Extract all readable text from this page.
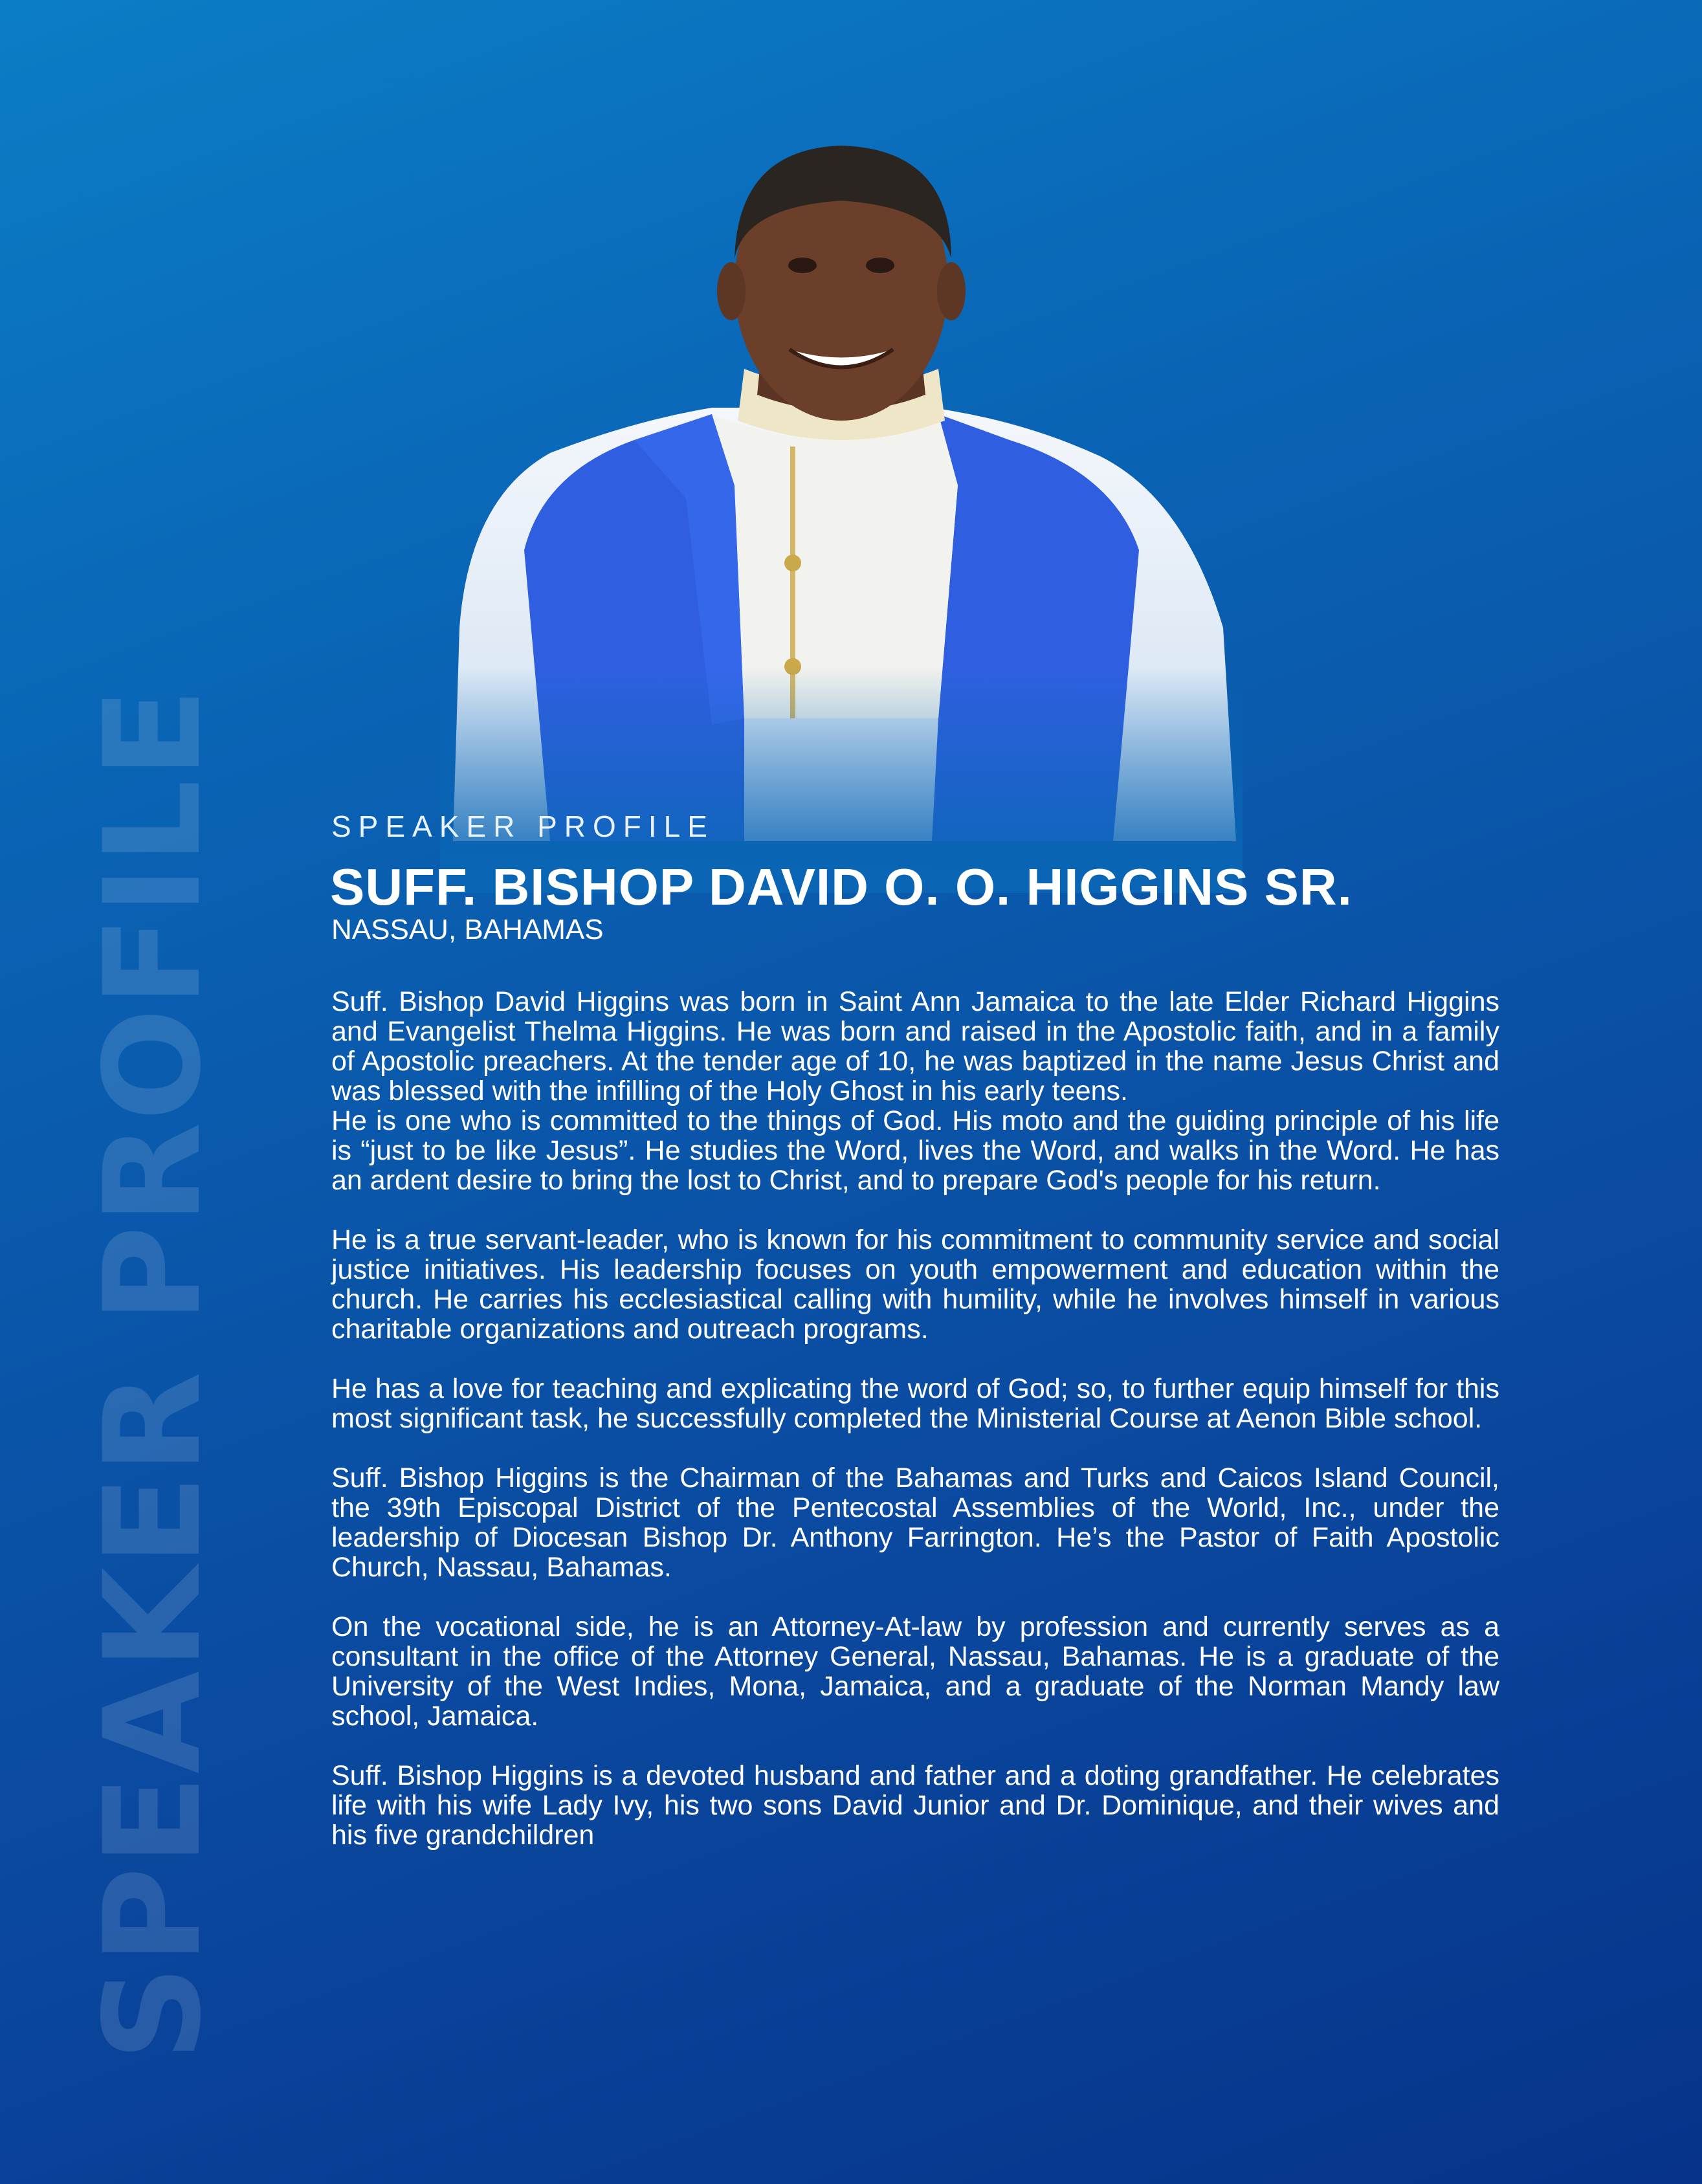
SPEAKER PROFILE	SPEAKER PROFILE
SUFF. BISHOP DAVID O. O. HIGGINS SR.
NASSAU, BAHAMAS

Suff. Bishop David Higgins was born in Saint Ann Jamaica to the late Elder Richard Higgins and Evangelist Thelma Higgins. He was born and raised in the Apostolic faith, and in a family of Apostolic preachers. At the tender age of 10, he was baptized in the name Jesus Christ and was blessed with the infilling of the Holy Ghost in his early teens.

He is one who is committed to the things of God. His moto and the guiding principle of his life is “just to be like Jesus”. He studies the Word, lives the Word, and walks in the Word. He has an ardent desire to bring the lost to Christ, and to prepare God's people for his return.

He is a true servant-leader, who is known for his commitment to community service and social justice initiatives. His leadership focuses on youth empowerment and education within the church. He carries his ecclesiastical calling with humility, while he involves himself in various charitable organizations and outreach programs.

He has a love for teaching and explicating the word of God; so, to further equip himself for this most significant task, he successfully completed the Ministerial Course at Aenon Bible school.

Suff. Bishop Higgins is the Chairman of the Bahamas and Turks and Caicos Island Council, the 39th Episcopal District of the Pentecostal Assemblies of the World, Inc., under the leadership of Diocesan Bishop Dr. Anthony Farrington. He’s the Pastor of Faith Apostolic Church, Nassau, Bahamas.

On the vocational side, he is an Attorney-At-law by profession and currently serves as a consultant in the office of the Attorney General, Nassau, Bahamas. He is a graduate of the University of the West Indies, Mona, Jamaica, and a graduate of the Norman Mandy law school, Jamaica.

Suff. Bishop Higgins is a devoted husband and father and a doting grandfather. He celebrates life with his wife Lady Ivy, his two sons David Junior and Dr. Dominique, and their wives and his five grandchildren
